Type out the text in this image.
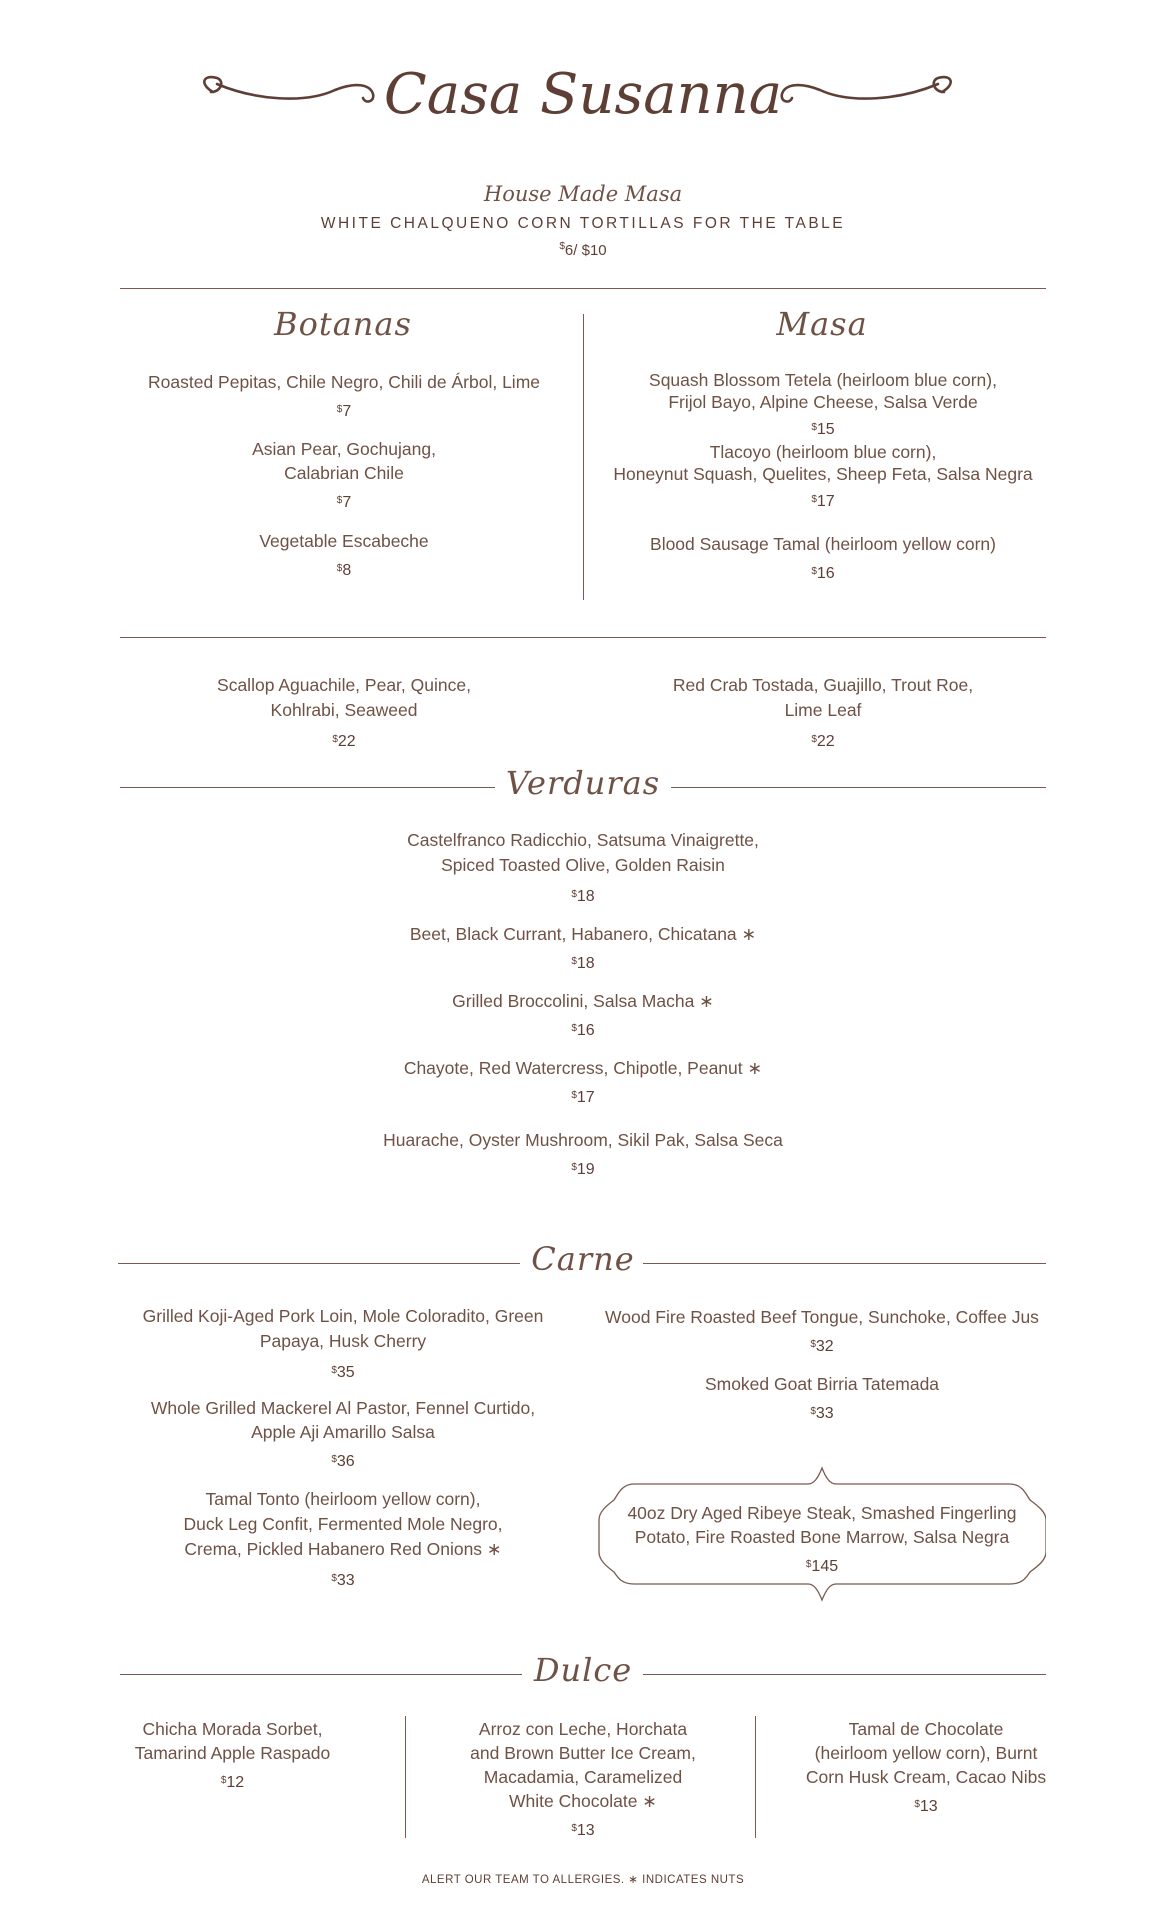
Casa Susanna
House Made Masa
WHITE CHALQUENO CORN TORTILLAS FOR THE TABLE
$6/ $10
Botanas	Masa
Roasted Pepitas, Chile Negro, Chili de Árbol, Lime
$7
Asian Pear, Gochujang,
Calabrian Chile
$7
Vegetable Escabeche
$8
Squash Blossom Tetela (heirloom blue corn),
Frijol Bayo, Alpine Cheese, Salsa Verde
$15
Tlacoyo (heirloom blue corn),
Honeynut Squash, Quelites, Sheep Feta, Salsa Negra
$17
Blood Sausage Tamal (heirloom yellow corn)
$16
Scallop Aguachile, Pear, Quince,
Kohlrabi, Seaweed
$22
Red Crab Tostada, Guajillo, Trout Roe,
Lime Leaf
$22
Verduras
Castelfranco Radicchio, Satsuma Vinaigrette,
Spiced Toasted Olive, Golden Raisin
$18
Beet, Black Currant, Habanero, Chicatana ∗
$18
Grilled Broccolini, Salsa Macha ∗
$16
Chayote, Red Watercress, Chipotle, Peanut ∗
$17
Huarache, Oyster Mushroom, Sikil Pak, Salsa Seca
$19
Carne
Grilled Koji-Aged Pork Loin, Mole Coloradito, Green
Papaya, Husk Cherry
$35
Whole Grilled Mackerel Al Pastor, Fennel Curtido,
Apple Aji Amarillo Salsa
$36
Tamal Tonto (heirloom yellow corn),
Duck Leg Confit, Fermented Mole Negro,
Crema, Pickled Habanero Red Onions ∗
$33
Wood Fire Roasted Beef Tongue, Sunchoke, Coffee Jus
$32
Smoked Goat Birria Tatemada
$33
40oz Dry Aged Ribeye Steak, Smashed Fingerling
Potato, Fire Roasted Bone Marrow, Salsa Negra
$145
Dulce
Chicha Morada Sorbet,
Tamarind Apple Raspado
$12
Arroz con Leche, Horchata
and Brown Butter Ice Cream,
Macadamia, Caramelized
White Chocolate ∗
$13
Tamal de Chocolate
(heirloom yellow corn), Burnt
Corn Husk Cream, Cacao Nibs
$13
ALERT OUR TEAM TO ALLERGIES. ∗ INDICATES NUTS
